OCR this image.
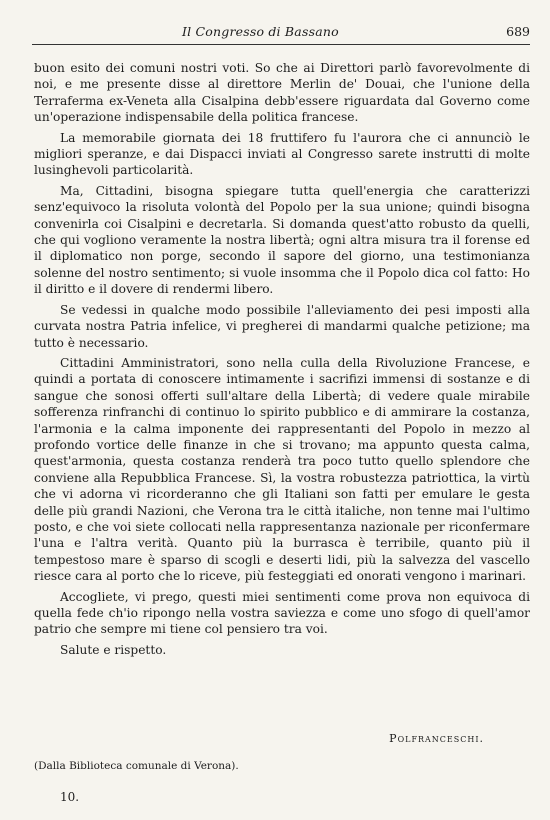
Il Congresso di Bassano	689

buon esito dei comuni nostri voti. So che ai Direttori parlò favorevolmente di noi, e me presente disse al direttore Merlin de' Douai, che l'unione della Terraferma ex-Veneta alla Cisalpina debb'essere riguardata dal Governo come un'operazione indispensabile della politica francese.

La memorabile giornata dei 18 fruttifero fu l'aurora che ci annunciò le migliori speranze, e dai Dispacci inviati al Congresso sarete instrutti di molte lusinghevoli particolarità.

Ma, Cittadini, bisogna spiegare tutta quell'energia che caratterizzi senz'equivoco la risoluta volontà del Popolo per la sua unione; quindi bisogna convenirla coi Cisalpini e decretarla. Si domanda quest'atto robusto da quelli, che qui vogliono veramente la nostra libertà; ogni altra misura tra il forense ed il diplomatico non porge, secondo il sapore del giorno, una testimonianza solenne del nostro sentimento; si vuole insomma che il Popolo dica col fatto: Ho il diritto e il dovere di rendermi libero.

Se vedessi in qualche modo possibile l'alleviamento dei pesi imposti alla curvata nostra Patria infelice, vi pregherei di mandarmi qualche petizione; ma tutto è necessario.

Cittadini Amministratori, sono nella culla della Rivoluzione Francese, e quindi a portata di conoscere intimamente i sacrifizi immensi di sostanze e di sangue che sonosi offerti sull'altare della Libertà; di vedere quale mirabile sofferenza rinfranchi di continuo lo spirito pubblico e di ammirare la costanza, l'armonia e la calma imponente dei rappresentanti del Popolo in mezzo al profondo vortice delle finanze in che si trovano; ma appunto questa calma, quest'armonia, questa costanza renderà tra poco tutto quello splendore che conviene alla Repubblica Francese. Sì, la vostra robustezza patriottica, la virtù che vi adorna vi ricorderanno che gli Italiani son fatti per emulare le gesta delle più grandi Nazioni, che Verona tra le città italiche, non tenne mai l'ultimo posto, e che voi siete collocati nella rappresentanza nazionale per riconfermare l'una e l'altra verità. Quanto più la burrasca è terribile, quanto più il tempestoso mare è sparso di scogli e deserti lidi, più la salvezza del vascello riesce cara al porto che lo riceve, più festeggiati ed onorati vengono i marinari.

Accoglietе, vi prego, questi miei sentimenti come prova non equivoca di quella fede ch'io ripongo nella vostra saviezza e come uno sfogo di quell'amor patrio che sempre mi tiene col pensiero tra voi.

Salute e rispetto.

Polfranceschi.
(Dalla Biblioteca comunale di Verona).
10.
